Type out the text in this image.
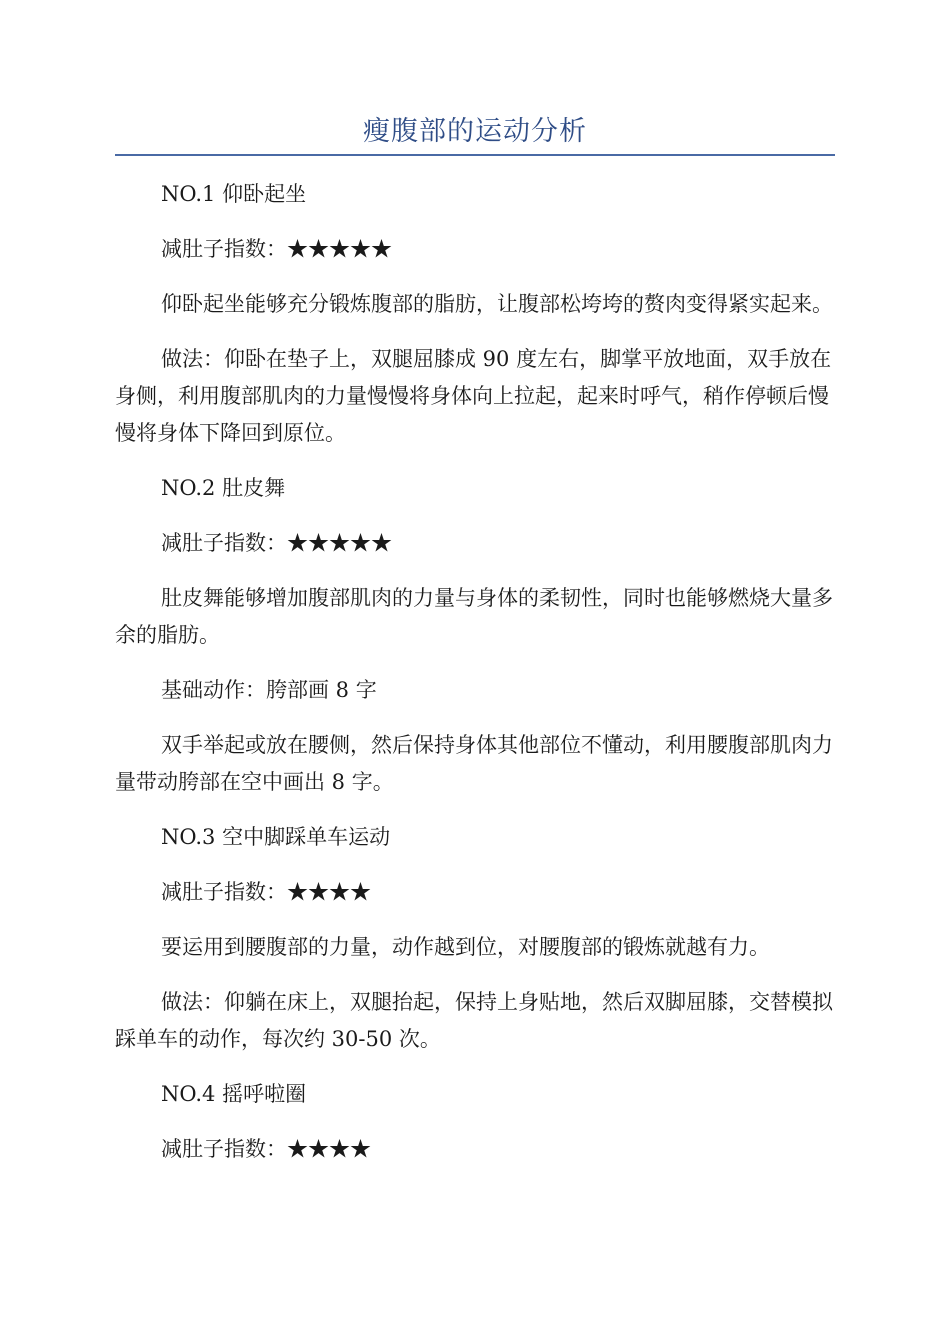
瘦腹部的运动分析

NO.1 仰卧起坐

减肚子指数：★★★★★

仰卧起坐能够充分锻炼腹部的脂肪，让腹部松垮垮的赘肉变得紧实起来。

做法：仰卧在垫子上，双腿屈膝成 90 度左右，脚掌平放地面，双手放在身侧，利用腹部肌肉的力量慢慢将身体向上拉起，起来时呼气，稍作停顿后慢慢将身体下降回到原位。

NO.2 肚皮舞

减肚子指数：★★★★★

肚皮舞能够增加腹部肌肉的力量与身体的柔韧性，同时也能够燃烧大量多余的脂肪。

基础动作：胯部画 8 字

双手举起或放在腰侧，然后保持身体其他部位不懂动，利用腰腹部肌肉力量带动胯部在空中画出 8 字。

NO.3 空中脚踩单车运动

减肚子指数：★★★★

要运用到腰腹部的力量，动作越到位，对腰腹部的锻炼就越有力。

做法：仰躺在床上，双腿抬起，保持上身贴地，然后双脚屈膝，交替模拟踩单车的动作，每次约 30-50 次。

NO.4 摇呼啦圈

减肚子指数：★★★★
